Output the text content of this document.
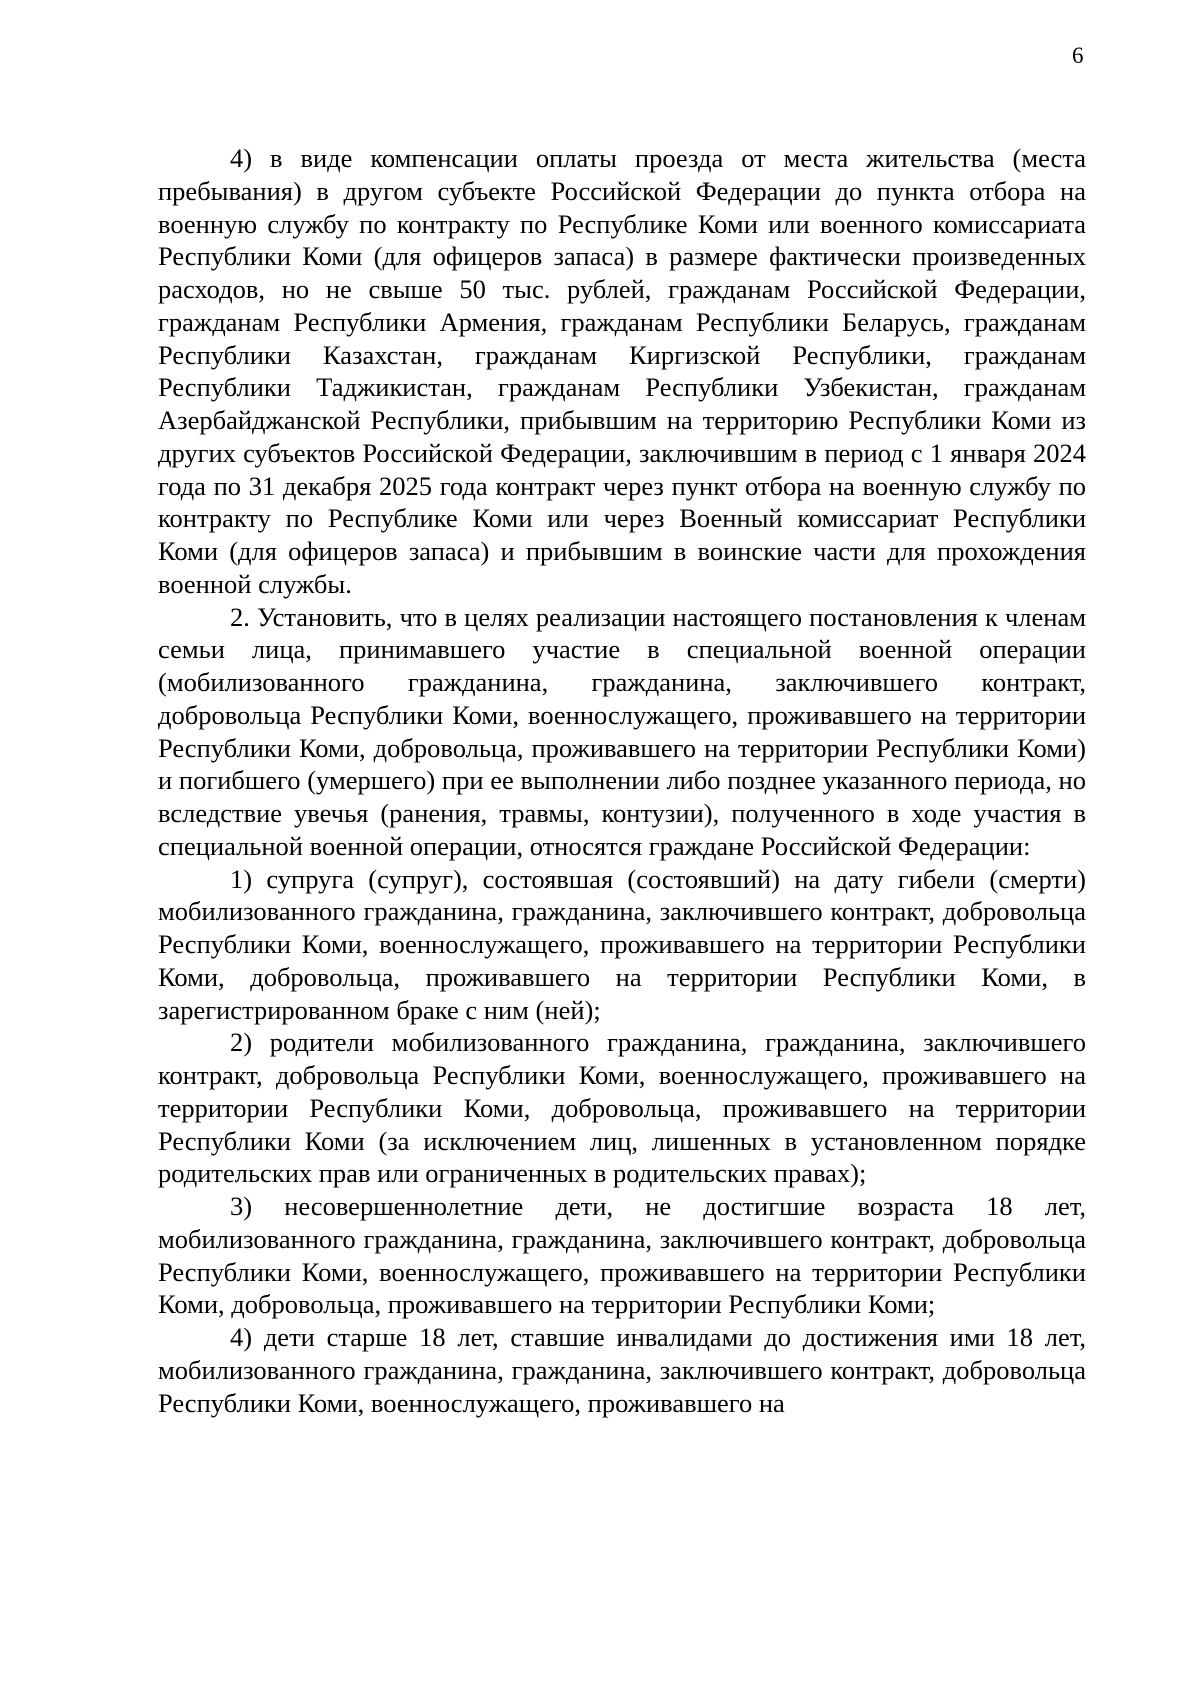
6

4) в виде компенсации оплаты проезда от места жительства (места пребывания) в другом субъекте Российской Федерации до пункта отбора на военную службу по контракту по Республике Коми или военного комиссариата Республики Коми (для офицеров запаса) в размере фактически произведенных расходов, но не свыше 50 тыс. рублей, гражданам Российской Федерации, гражданам Республики Армения, гражданам Республики Беларусь, гражданам Республики Казахстан, гражданам Киргизской Республики, гражданам Республики Таджикистан, гражданам Республики Узбекистан, гражданам Азербайджанской Республики, прибывшим на территорию Республики Коми из других субъектов Российской Федерации, заключившим в период с 1 января 2024 года по 31 декабря 2025 года контракт через пункт отбора на военную службу по контракту по Республике Коми или через Военный комиссариат Республики Коми (для офицеров запаса) и прибывшим в воинские части для прохождения военной службы.

2. Установить, что в целях реализации настоящего постановления к членам семьи лица, принимавшего участие в специальной военной операции (мобилизованного гражданина, гражданина, заключившего контракт, добровольца Республики Коми, военнослужащего, проживавшего на территории Республики Коми, добровольца, проживавшего на территории Республики Коми) и погибшего (умершего) при ее выполнении либо позднее указанного периода, но вследствие увечья (ранения, травмы, контузии), полученного в ходе участия в специальной военной операции, относятся граждане Российской Федерации:

1) супруга (супруг), состоявшая (состоявший) на дату гибели (смерти) мобилизованного гражданина, гражданина, заключившего контракт, добровольца Республики Коми, военнослужащего, проживавшего на территории Республики Коми, добровольца, проживавшего на территории Республики Коми, в зарегистрированном браке с ним (ней);

2) родители мобилизованного гражданина, гражданина, заключившего контракт, добровольца Республики Коми, военнослужащего, проживавшего на территории Республики Коми, добровольца, проживавшего на территории Республики Коми (за исключением лиц, лишенных в установленном порядке родительских прав или ограниченных в родительских правах);

3) несовершеннолетние дети, не достигшие возраста 18 лет, мобилизованного гражданина, гражданина, заключившего контракт, добровольца Республики Коми, военнослужащего, проживавшего на территории Республики Коми, добровольца, проживавшего на территории Республики Коми;

4) дети старше 18 лет, ставшие инвалидами до достижения ими 18 лет, мобилизованного гражданина, гражданина, заключившего контракт, добровольца Республики Коми, военнослужащего, проживавшего на
